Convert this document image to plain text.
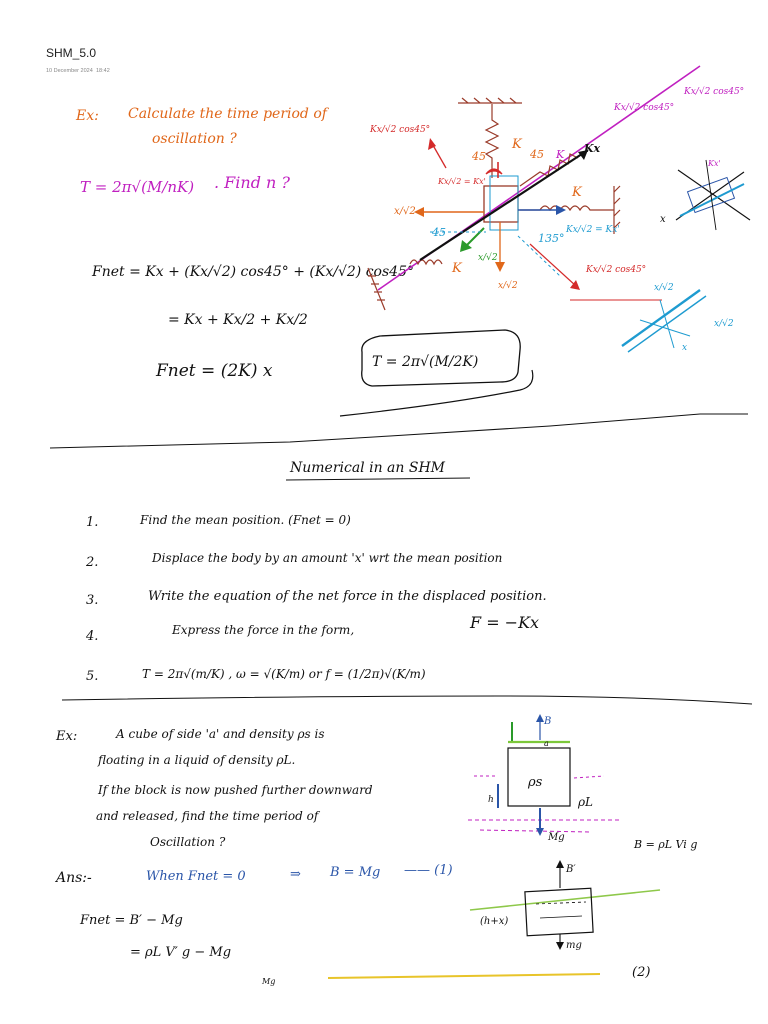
SHM_5.0
10 December 2024 18:42
Ex: Calculate the time period of
oscillation ?
T = 2π√(M/nK) . Find n ?
Fnet = Kx + (Kx/√2) cos45° + (Kx/√2) cos45°
= Kx + Kx/2 + Kx/2
Fnet = (2K) x	T = 2π√(M/2K)
K
45	45
K
K
K
45	135°
Kx/√2 cos45°
Kx/√2 = Kx'
Kx/√2 cos45°
Kx/√2 cos45°
x/√2
Kx/√2 = Kx'
x/√2
x/√2
Kx/√2 cos45°
Kx
Kx'
x
x/√2
x/√2
x
Numerical in an SHM
1.	Find the mean position. (Fnet = 0)
2.	Displace the body by an amount 'x' wrt the mean position
3.	Write the equation of the net force in the displaced position.
4.	Express the force in the form,	F = −Kx
5.	T = 2π√(m/K) , ω = √(K/m) or f = (1/2π)√(K/m)
Ex:	A cube of side 'a' and density ρs is
floating in a liquid of density ρL.
If the block is now pushed further downward
and released, find the time period of
Oscillation ?
B
a
ρs
ρL
h
Mg
B = ρL Vi g
Ans:-	When Fnet = 0	⇒ B = Mg —— (1)
Fnet = B′ − Mg
= ρL V′ g − Mg
B′
(h+x)
mg
(2)
Mg
